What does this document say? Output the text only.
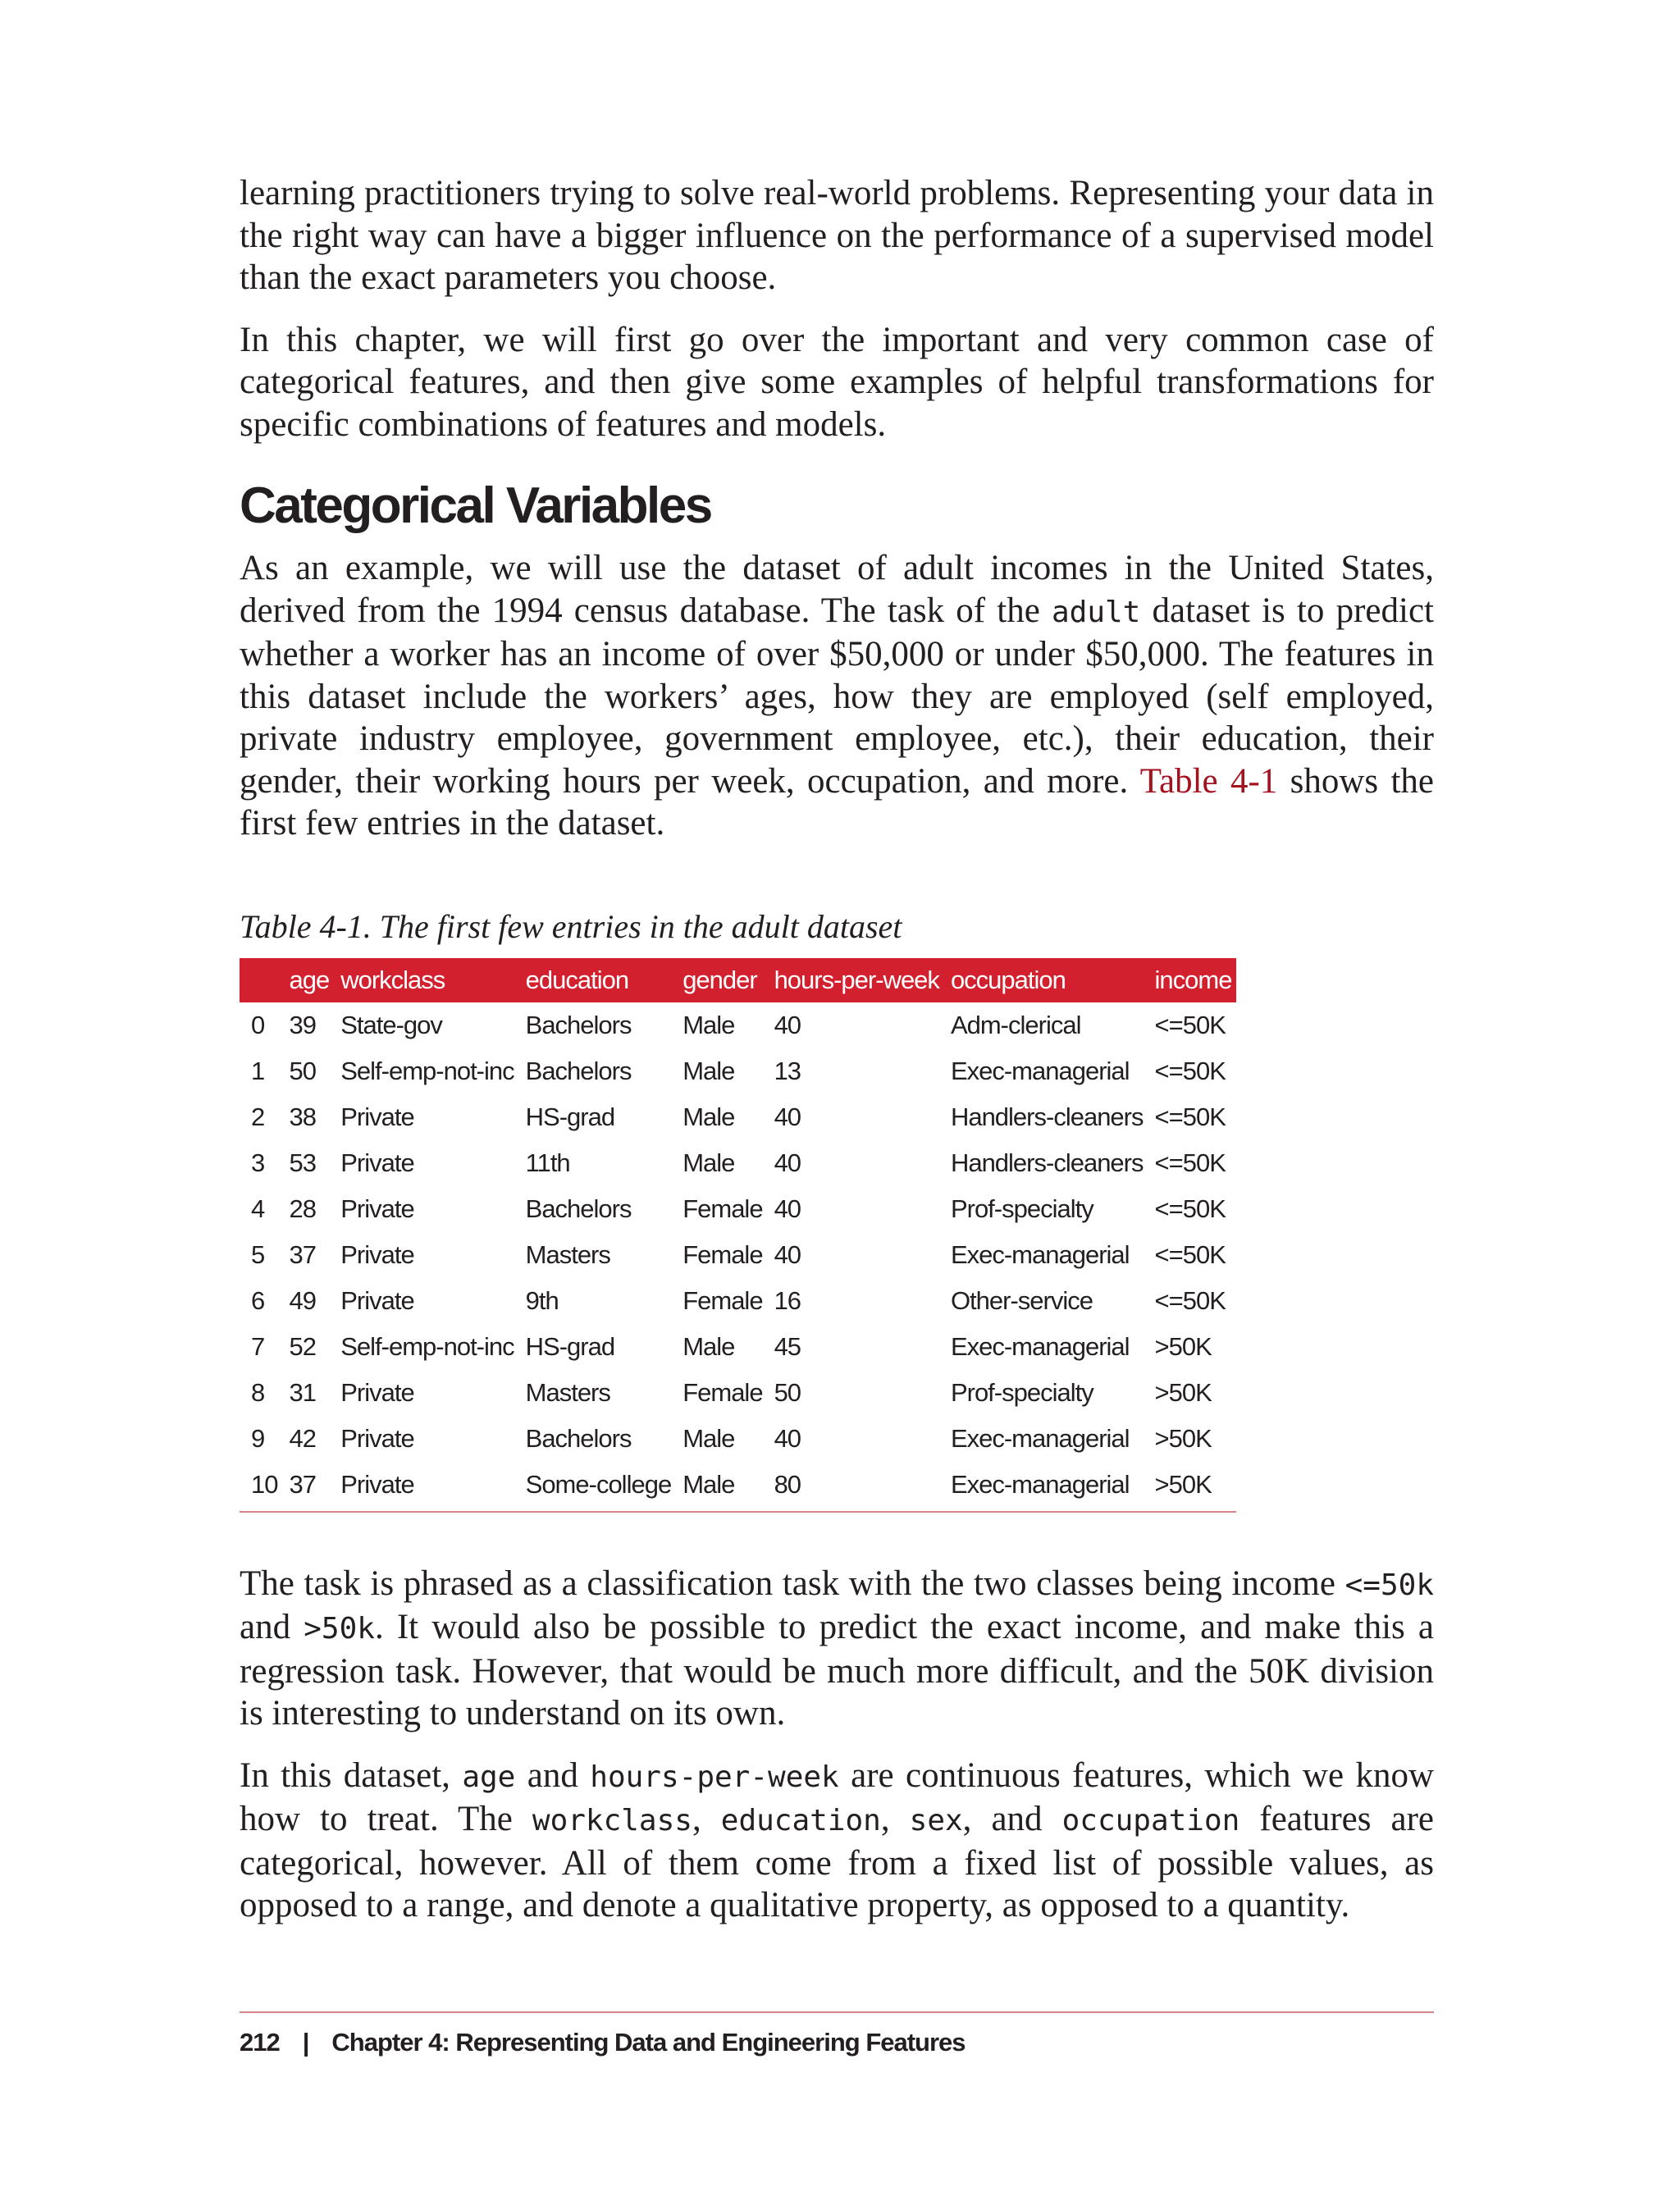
learning practitioners trying to solve real-world problems. Representing your data in the right way can have a bigger influence on the performance of a supervised model than the exact parameters you choose.

In this chapter, we will first go over the important and very common case of categorical features, and then give some examples of helpful transformations for specific combinations of features and models.

Categorical Variables

As an example, we will use the dataset of adult incomes in the United States, derived from the 1994 census database. The task of the adult dataset is to predict whether a worker has an income of over $50,000 or under $50,000. The features in this dataset include the workers’ ages, how they are employed (self employed, private industry employee, government employee, etc.), their education, their gender, their working hours per week, occupation, and more. Table 4-1 shows the first few entries in the dataset.

Table 4-1. The first few entries in the adult dataset
	age	workclass	education	gender	hours-per-week	occupation	income
0	39	State-gov	Bachelors	Male	40	Adm-clerical	<=50K
1	50	Self-emp-not-inc	Bachelors	Male	13	Exec-managerial	<=50K
2	38	Private	HS-grad	Male	40	Handlers-cleaners	<=50K
3	53	Private	11th	Male	40	Handlers-cleaners	<=50K
4	28	Private	Bachelors	Female	40	Prof-specialty	<=50K
5	37	Private	Masters	Female	40	Exec-managerial	<=50K
6	49	Private	9th	Female	16	Other-service	<=50K
7	52	Self-emp-not-inc	HS-grad	Male	45	Exec-managerial	>50K
8	31	Private	Masters	Female	50	Prof-specialty	>50K
9	42	Private	Bachelors	Male	40	Exec-managerial	>50K
10	37	Private	Some-college	Male	80	Exec-managerial	>50K

The task is phrased as a classification task with the two classes being income <=50k and >50k. It would also be possible to predict the exact income, and make this a regression task. However, that would be much more difficult, and the 50K division is interesting to understand on its own.

In this dataset, age and hours-per-week are continuous features, which we know how to treat. The workclass, education, sex, and occupation features are categorical, however. All of them come from a fixed list of possible values, as opposed to a range, and denote a qualitative property, as opposed to a quantity.

212 | Chapter 4: Representing Data and Engineering Features
